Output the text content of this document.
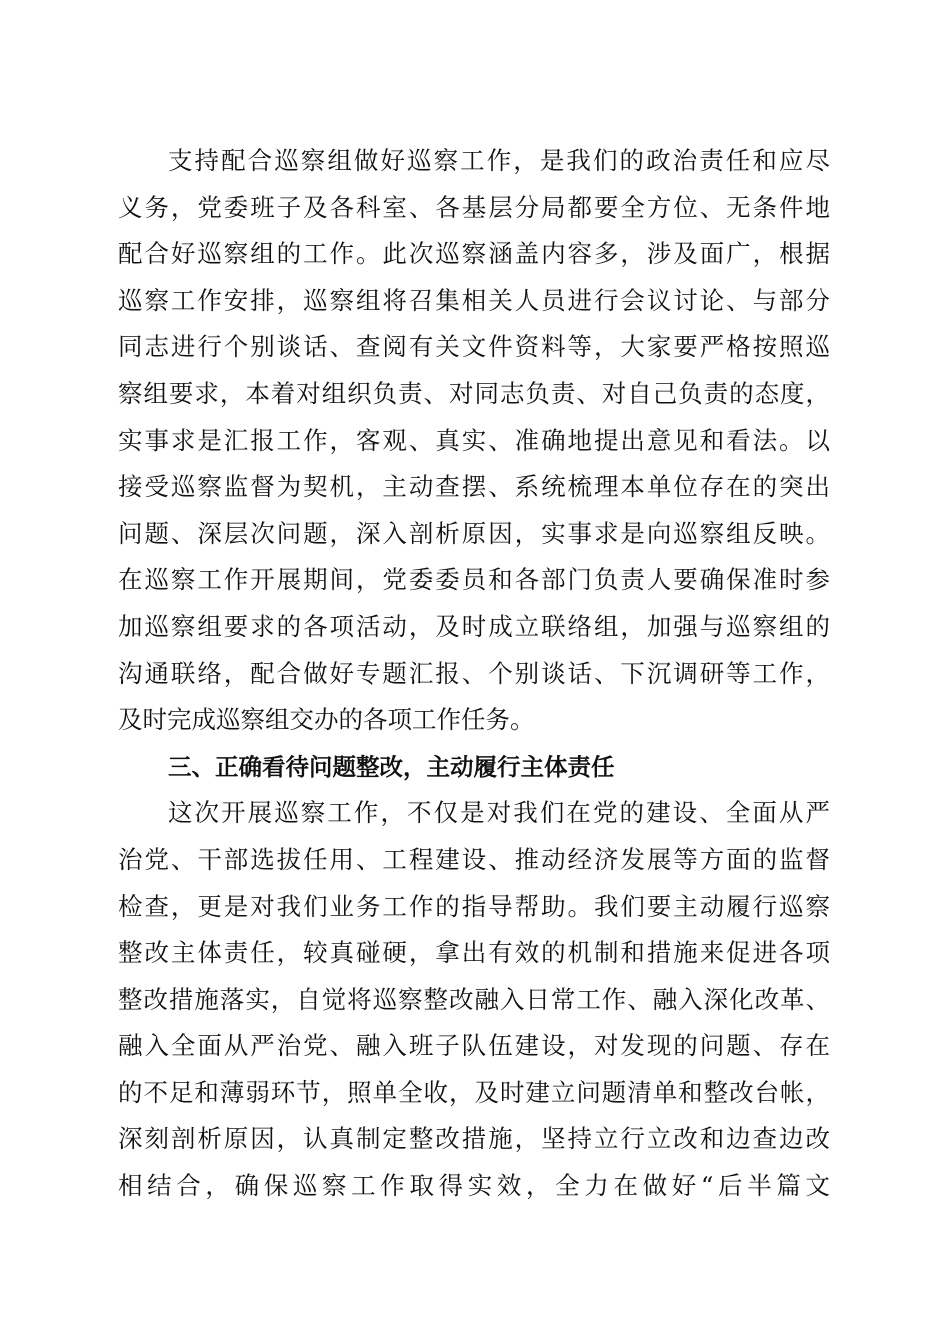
支持配合巡察组做好巡察工作，是我们的政治责任和应尽
义务，党委班子及各科室、各基层分局都要全方位、无条件地
配合好巡察组的工作。此次巡察涵盖内容多，涉及面广，根据
巡察工作安排，巡察组将召集相关人员进行会议讨论、与部分
同志进行个别谈话、查阅有关文件资料等，大家要严格按照巡
察组要求，本着对组织负责、对同志负责、对自己负责的态度，
实事求是汇报工作，客观、真实、准确地提出意见和看法。以
接受巡察监督为契机，主动查摆、系统梳理本单位存在的突出
问题、深层次问题，深入剖析原因，实事求是向巡察组反映。
在巡察工作开展期间，党委委员和各部门负责人要确保准时参
加巡察组要求的各项活动，及时成立联络组，加强与巡察组的
沟通联络，配合做好专题汇报、个别谈话、下沉调研等工作，
及时完成巡察组交办的各项工作任务。
三、正确看待问题整改，主动履行主体责任
这次开展巡察工作，不仅是对我们在党的建设、全面从严
治党、干部选拔任用、工程建设、推动经济发展等方面的监督
检查，更是对我们业务工作的指导帮助。我们要主动履行巡察
整改主体责任，较真碰硬，拿出有效的机制和措施来促进各项
整改措施落实，自觉将巡察整改融入日常工作、融入深化改革、
融入全面从严治党、融入班子队伍建设，对发现的问题、存在
的不足和薄弱环节，照单全收，及时建立问题清单和整改台帐，
深刻剖析原因，认真制定整改措施，坚持立行立改和边查边改
相结合，确保巡察工作取得实效，全力在做好“后半篇文
